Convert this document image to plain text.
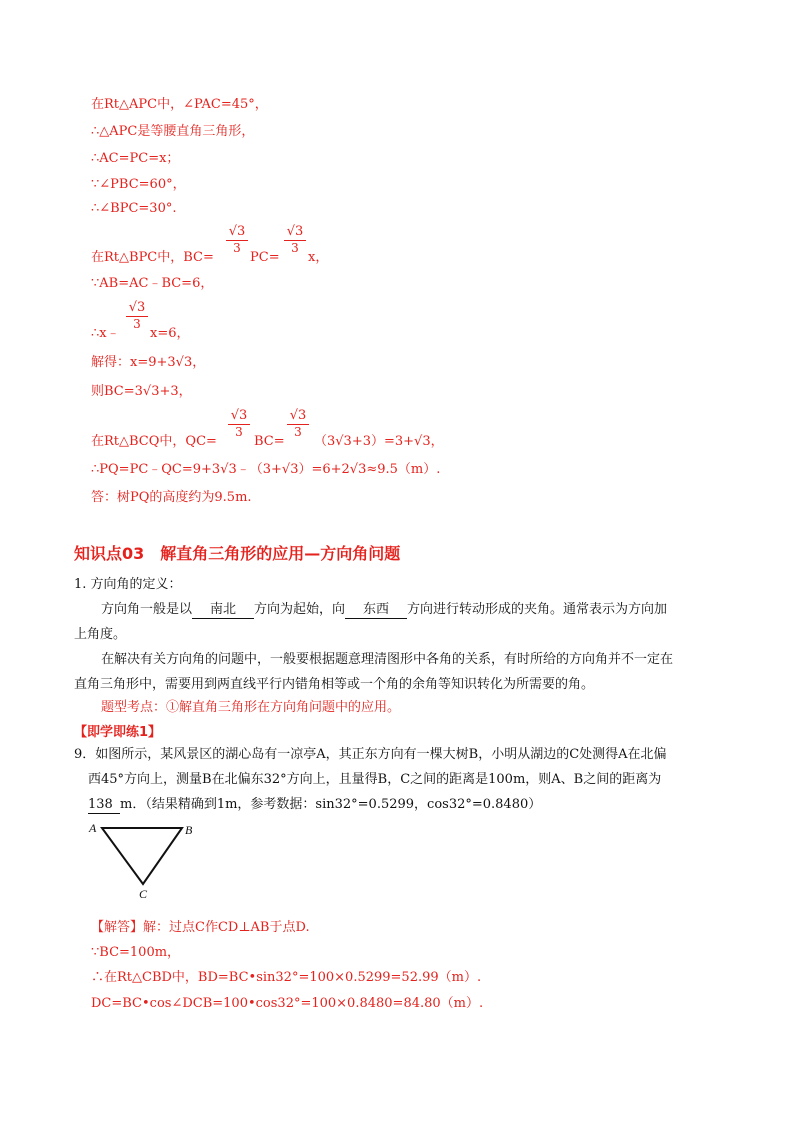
在Rt△APC中，∠PAC=45°，
∴△APC是等腰直角三角形，
∴AC=PC=x；
∵∠PBC=60°，
∴∠BPC=30°.
在Rt△BPC中，BC=
$\frac{√3}{3}$
PC=
$\frac{√3}{3}$
x，
∵AB=AC﹣BC=6，
∴x﹣
$\frac{√3}{3}$
x=6，
解得：x=9+3√3，
则BC=3√3+3，
在Rt△BCQ中，QC=
$\frac{√3}{3}$
BC=
$\frac{√3}{3}$
（3√3+3）=3+√3，
∴PQ=PC﹣QC=9+3√3﹣（3+√3）=6+2√3≈9.5（m）.
答：树PQ的高度约为9.5m.
知识点03　解直角三角形的应用—方向角问题
1. 方向角的定义：
方向角一般是以 南北 方向为起始，向 东西 方向进行转动形成的夹角。通常表示为方向加
上角度。
在解决有关方向角的问题中，一般要根据题意理清图形中各角的关系，有时所给的方向角并不一定在
直角三角形中，需要用到两直线平行内错角相等或一个角的余角等知识转化为所需要的角。
题型考点：①解直角三角形在方向角问题中的应用。
【即学即练1】
9．如图所示，某风景区的湖心岛有一凉亭A，其正东方向有一棵大树B，小明从湖边的C处测得A在北偏
西45°方向上，测量B在北偏东32°方向上，且量得B，C之间的距离是100m，则A、B之间的距离为
138 m．（结果精确到1m，参考数据：sin32°=0.5299，cos32°=0.8480）
A	B
C
【解答】解：过点C作CD⊥AB于点D.
∵BC=100m，
∴在Rt△CBD中，BD=BC•sin32°=100×0.5299=52.99（m）.
DC=BC•cos∠DCB=100•cos32°=100×0.8480=84.80（m）.
